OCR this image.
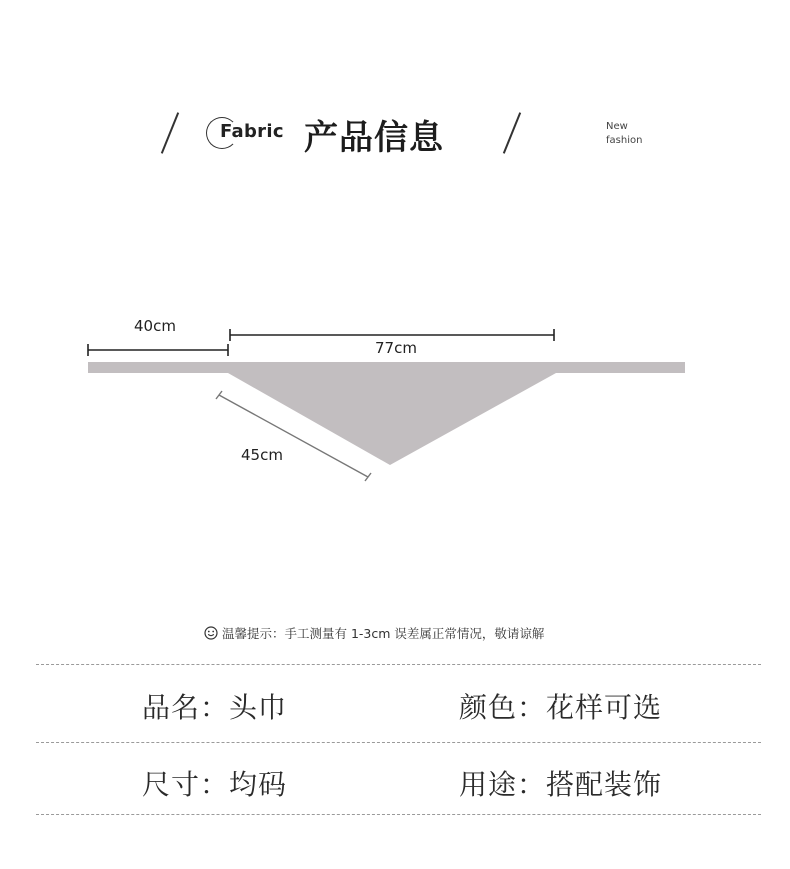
Fabric 产品信息	New
fashion
40cm
77cm
45cm
温馨提示：手工测量有 1-3cm 误差属正常情况，敬请谅解
品名：头巾	颜色：花样可选
尺寸：均码	用途：搭配装饰
